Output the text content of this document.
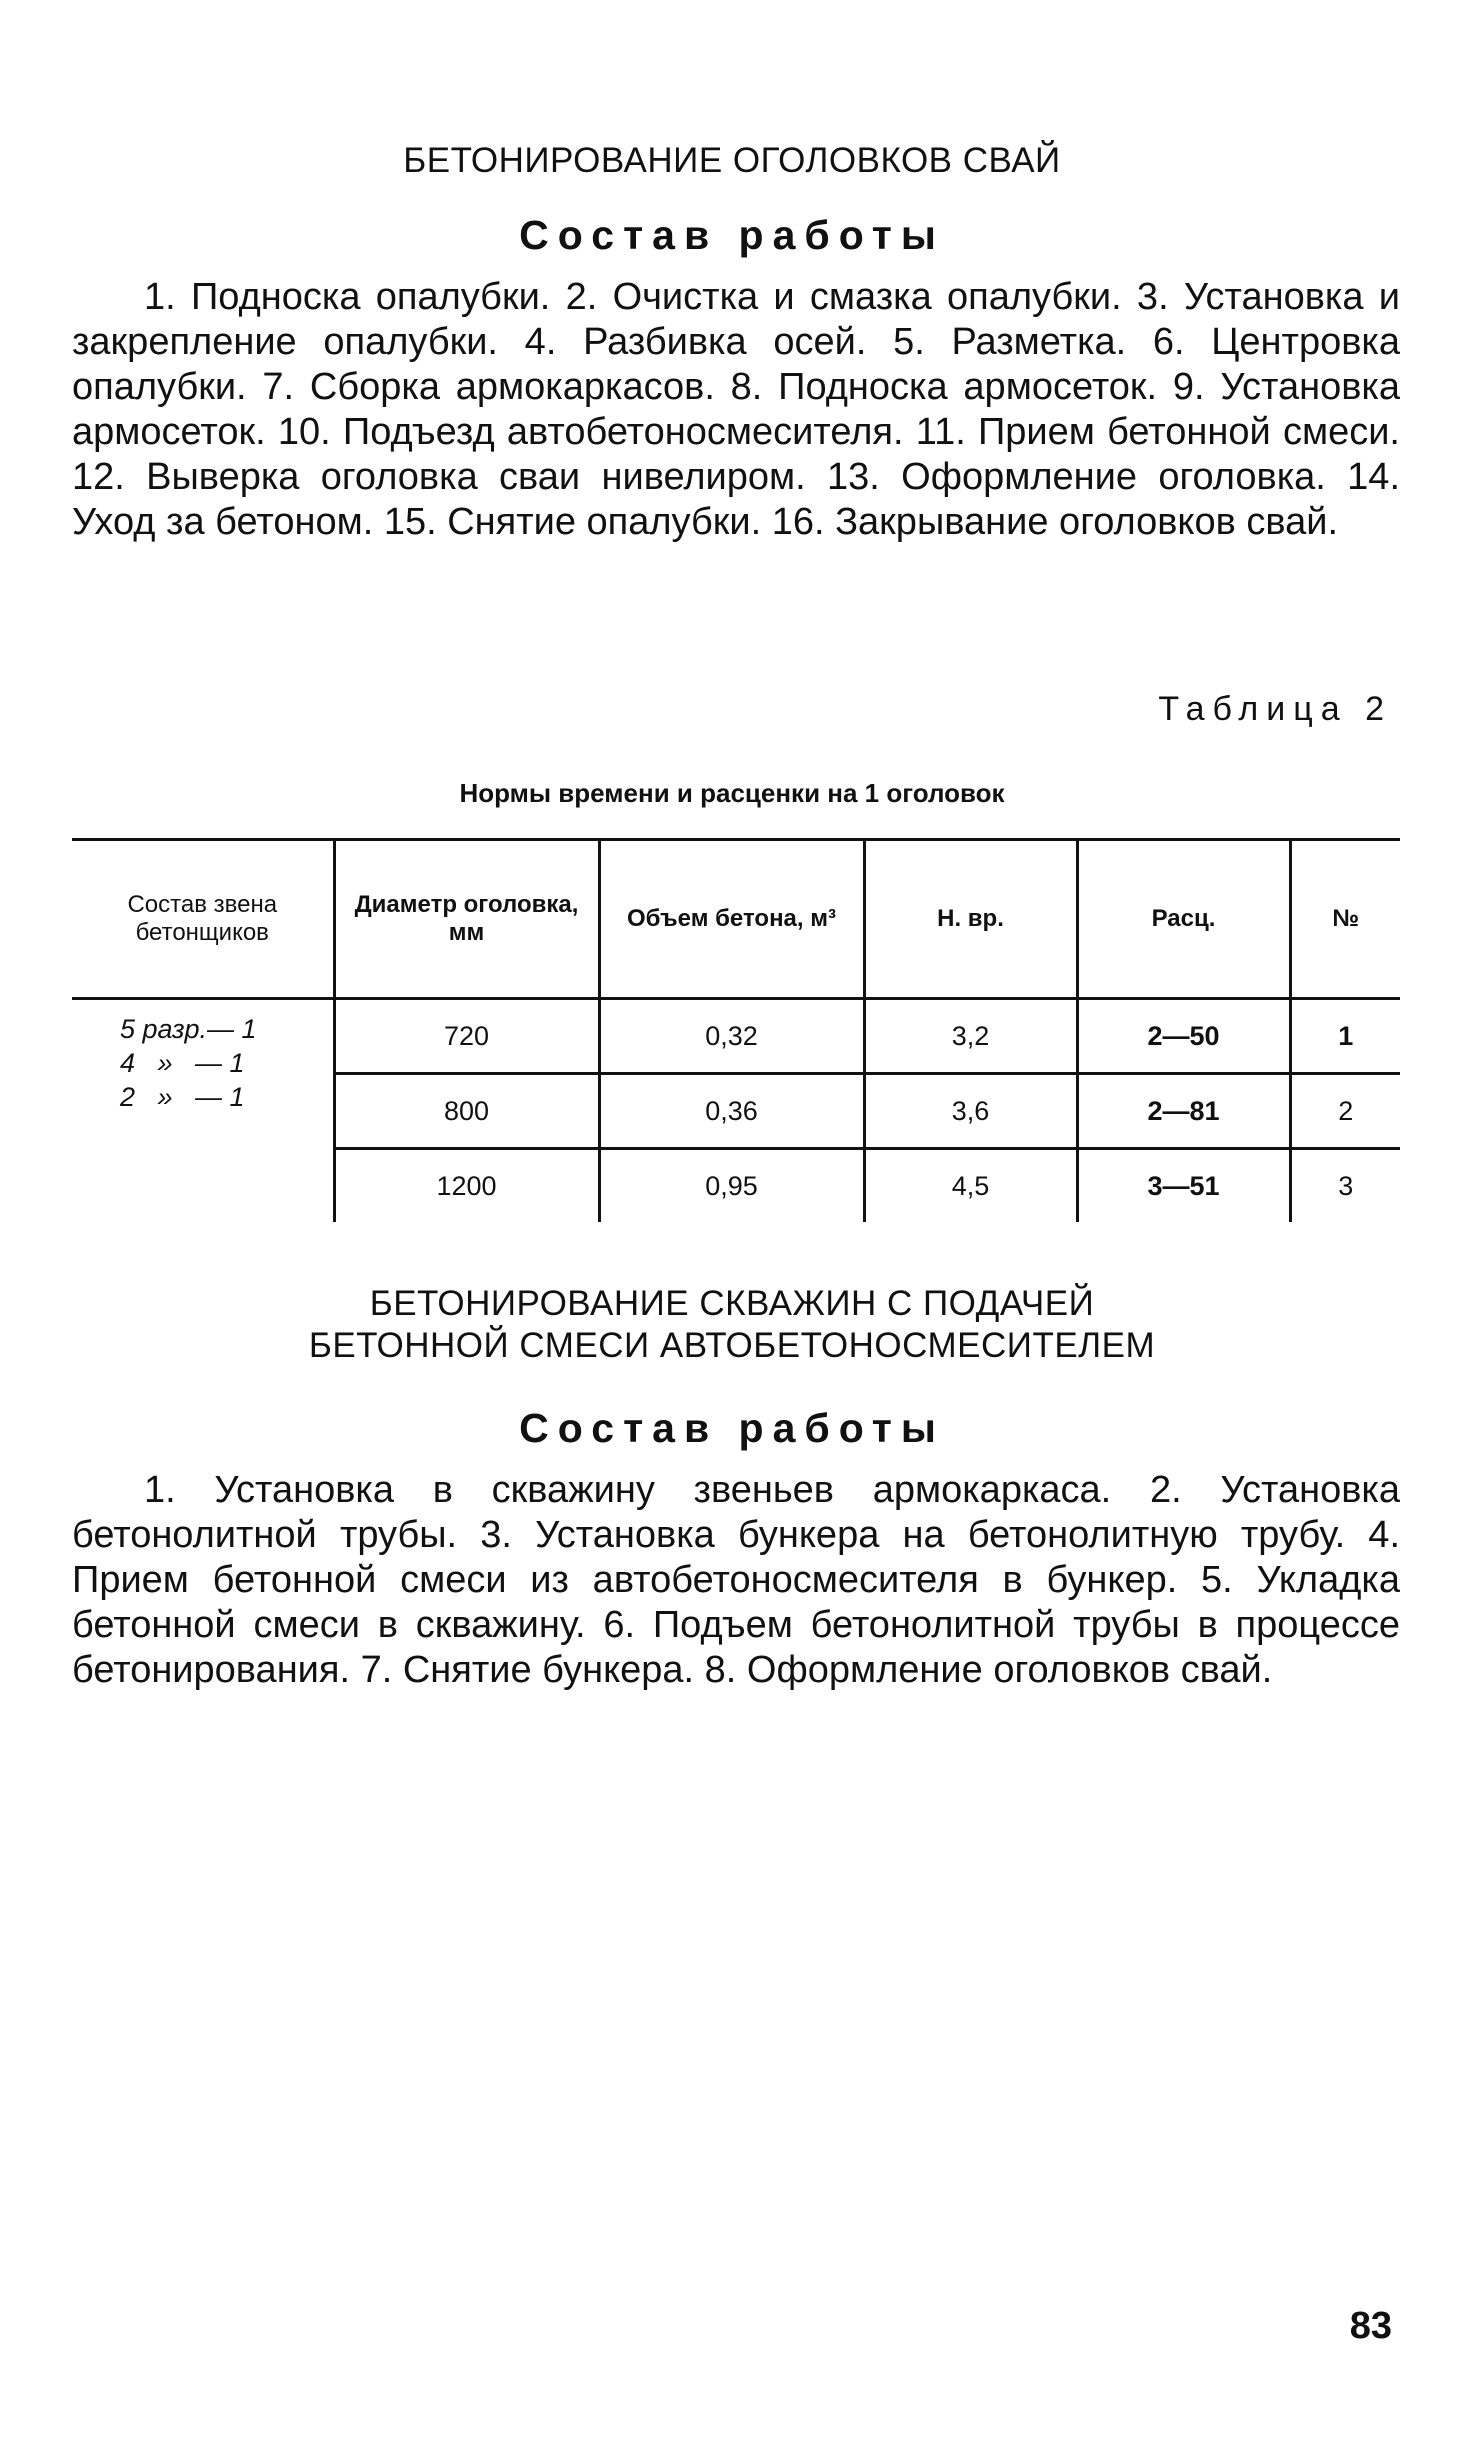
БЕТОНИРОВАНИЕ ОГОЛОВКОВ СВАЙ
Состав работы

1. Подноска опалубки. 2. Очистка и смазка опалубки. 3. Установка и закрепление опалубки. 4. Разбивка осей. 5. Разметка. 6. Центровка опалубки. 7. Сборка армокаркасов. 8. Подноска армосеток. 9. Установка армосеток. 10. Подъезд автобетоносмесителя. 11. Прием бетонной смеси. 12. Выверка оголовка сваи нивелиром. 13. Оформление оголовка. 14. Уход за бетоном. 15. Снятие опалубки. 16. Закрывание оголовков свай.

Таблица 2
Нормы времени и расценки на 1 оголовок
Состав звена бетонщиков	Диаметр оголовка, мм	Объем бетона, м³	Н. вр.	Расц.	№

5 разр.— 1
4   »   — 1
2   »   — 1	720	0,32	3,2	2—50	1
	800	0,36	3,6	2—81	2
	1200	0,95	4,5	3—51	3
БЕТОНИРОВАНИЕ СКВАЖИН С ПОДАЧЕЙ
БЕТОННОЙ СМЕСИ АВТОБЕТОНОСМЕСИТЕЛЕМ
Состав работы

1. Установка в скважину звеньев армокаркаса. 2. Установка бетонолитной трубы. 3. Установка бункера на бетонолитную трубу. 4. Прием бетонной смеси из автобетоносмесителя в бункер. 5. Укладка бетонной смеси в скважину. 6. Подъем бетонолитной трубы в процессе бетонирования. 7. Снятие бункера. 8. Оформление оголовков свай.

83
